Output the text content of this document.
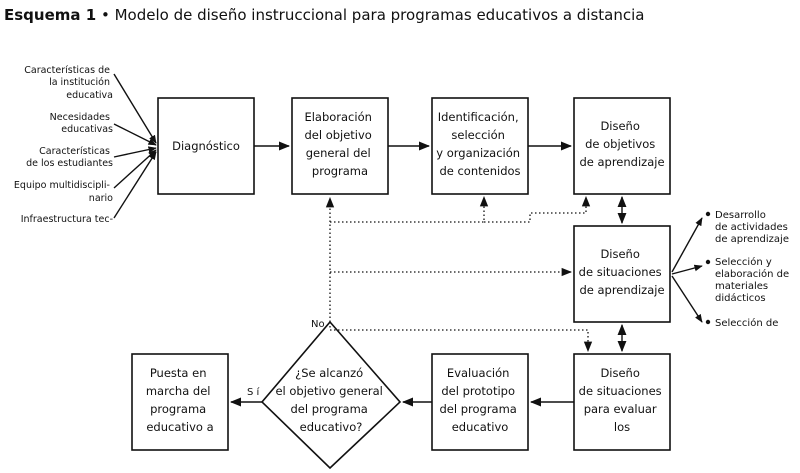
Esquema 1 • Modelo de diseño instruccional para programas educativos a distancia
Características de la institución educativa
Necesidades educativas
Características de los estudiantes
Equipo multidiscipli- nario
Infraestructura tec-
Diagnóstico
Elaboración del objetivo general del programa
Identificación, selección y organización de contenidos
Diseño de objetivos de aprendizaje
Diseño de situaciones de aprendizaje
Diseño de situaciones para evaluar los
Evaluación del prototipo del programa educativo
¿Se alcanzó el objetivo general del programa educativo?
Puesta en marcha del programa educativo a
Desarrollo de actividades de aprendizaje
Selección y elaboración de materiales didácticos
Selección de
No
S í
